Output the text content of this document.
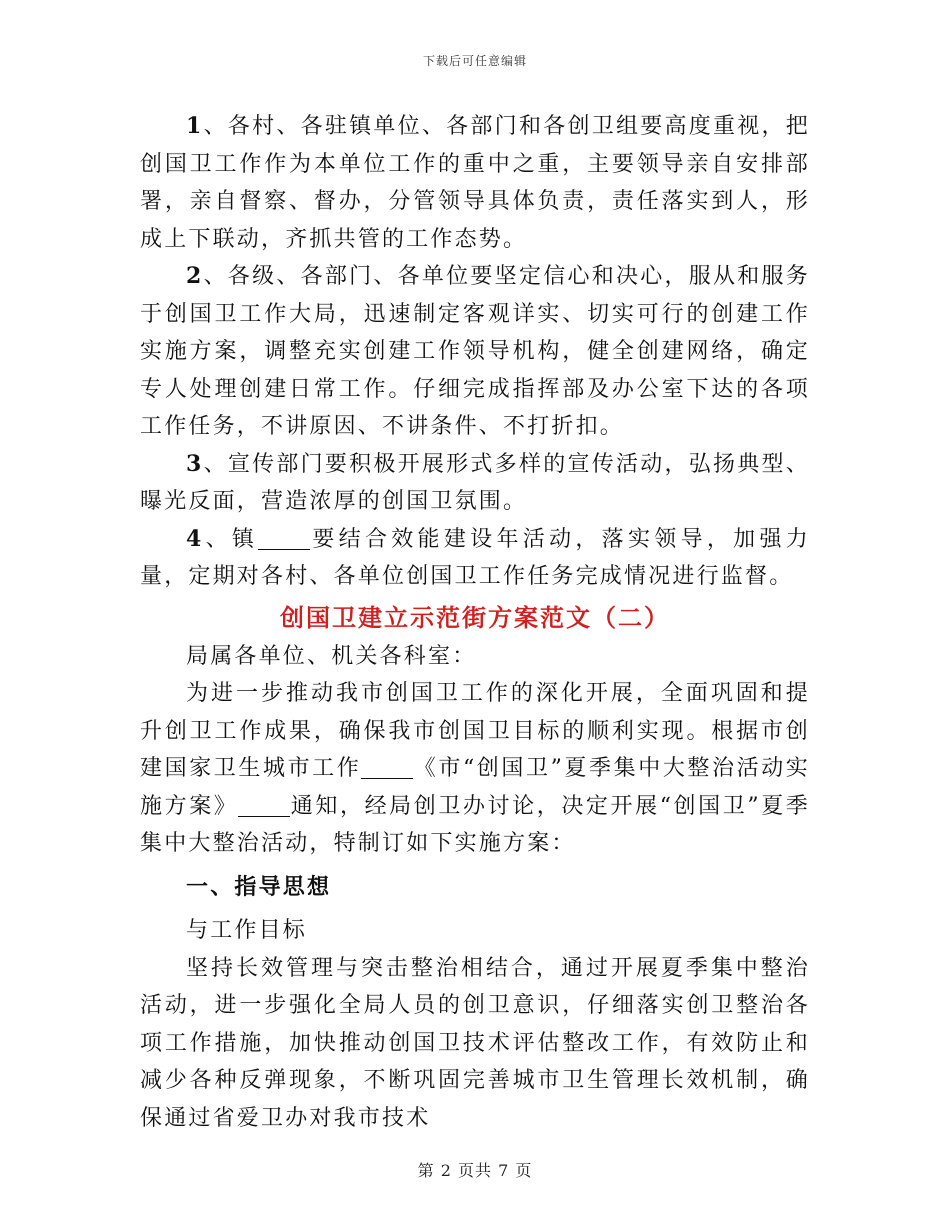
下载后可任意编辑

1、各村、各驻镇单位、各部门和各创卫组要高度重视，把创国卫工作作为本单位工作的重中之重，主要领导亲自安排部署，亲自督察、督办，分管领导具体负责，责任落实到人，形成上下联动，齐抓共管的工作态势。

2、各级、各部门、各单位要坚定信心和决心，服从和服务于创国卫工作大局，迅速制定客观详实、切实可行的创建工作实施方案，调整充实创建工作领导机构，健全创建网络，确定专人处理创建日常工作。仔细完成指挥部及办公室下达的各项工作任务，不讲原因、不讲条件、不打折扣。

3、宣传部门要积极开展形式多样的宣传活动，弘扬典型、曝光反面，营造浓厚的创国卫氛围。

4、镇 要结合效能建设年活动，落实领导，加强力量，定期对各村、各单位创国卫工作任务完成情况进行监督。

创国卫建立示范街方案范文（二）

局属各单位、机关各科室：

为进一步推动我市创国卫工作的深化开展，全面巩固和提升创卫工作成果，确保我市创国卫目标的顺利实现。根据市创建国家卫生城市工作 《市“创国卫”夏季集中大整治活动实施方案》 通知，经局创卫办讨论，决定开展“创国卫”夏季集中大整治活动，特制订如下实施方案：

一、指导思想

与工作目标

坚持长效管理与突击整治相结合，通过开展夏季集中整治活动，进一步强化全局人员的创卫意识，仔细落实创卫整治各项工作措施，加快推动创国卫技术评估整改工作，有效防止和减少各种反弹现象，不断巩固完善城市卫生管理长效机制，确保通过省爱卫办对我市技术

第 2 页共 7 页
